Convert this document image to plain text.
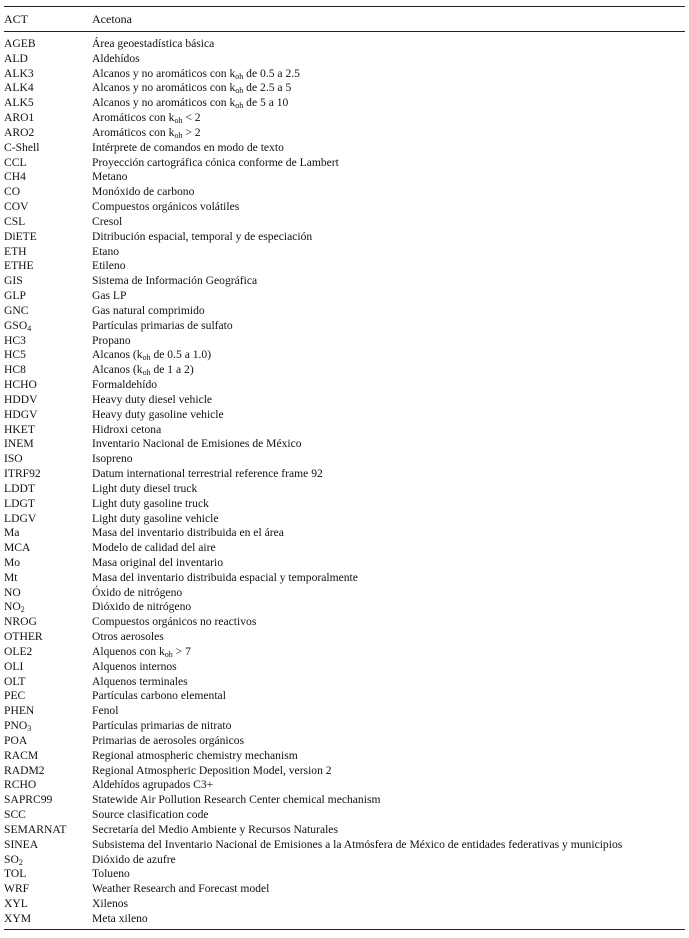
ACT	Acetona
AGEB	Área geoestadística básica
ALD	Aldehídos
ALK3	Alcanos y no aromáticos con $k_{oh}$ de 0.5 a 2.5
ALK4	Alcanos y no aromáticos con $k_{oh}$ de 2.5 a 5
ALK5	Alcanos y no aromáticos con $k_{oh}$ de 5 a 10
ARO1	Aromáticos con $k_{oh} < 2$
ARO2	Aromáticos con $k_{oh} > 2$
C-Shell	Intérprete de comandos en modo de texto
CCL	Proyección cartográfica cónica conforme de Lambert
CH4	Metano
CO	Monóxido de carbono
COV	Compuestos orgánicos volátiles
CSL	Cresol
DiETE	Ditribución espacial, temporal y de especiación
ETH	Etano
ETHE	Etileno
GIS	Sistema de Información Geográfica
GLP	Gas LP
GNC	Gas natural comprimido
$GSO_4$	Partículas primarias de sulfato
HC3	Propano
HC5	Alcanos ($k_{oh}$ de 0.5 a 1.0)
HC8	Alcanos ($k_{oh}$ de 1 a 2)
HCHO	Formaldehído
HDDV	Heavy duty diesel vehicle
HDGV	Heavy duty gasoline vehicle
HKET	Hidroxi cetona
INEM	Inventario Nacional de Emisiones de México
ISO	Isopreno
ITRF92	Datum international terrestrial reference frame 92
LDDT	Light duty diesel truck
LDGT	Light duty gasoline truck
LDGV	Light duty gasoline vehicle
Ma	Masa del inventario distribuida en el área
MCA	Modelo de calidad del aire
Mo	Masa original del inventario
Mt	Masa del inventario distribuida espacial y temporalmente
NO	Óxido de nitrógeno
$NO_2$	Dióxido de nitrógeno
NROG	Compuestos orgánicos no reactivos
OTHER	Otros aerosoles
OLE2	Alquenos con $k_{oh} > 7$
OLI	Alquenos internos
OLT	Alquenos terminales
PEC	Partículas carbono elemental
PHEN	Fenol
$PNO_3$	Partículas primarias de nitrato
POA	Primarias de aerosoles orgánicos
RACM	Regional atmospheric chemistry mechanism
RADM2	Regional Atmospheric Deposition Model, version 2
RCHO	Aldehídos agrupados C3+
SAPRC99	Statewide Air Pollution Research Center chemical mechanism
SCC	Source clasification code
SEMARNAT Secretaría del Medio Ambiente y Recursos Naturales
SINEA	Subsistema del Inventario Nacional de Emisiones a la Atmósfera de México de entidades federativas y municipios
$SO_2$	Dióxido de azufre
TOL	Tolueno
WRF	Weather Research and Forecast model
XYL	Xilenos
XYM	Meta xileno
